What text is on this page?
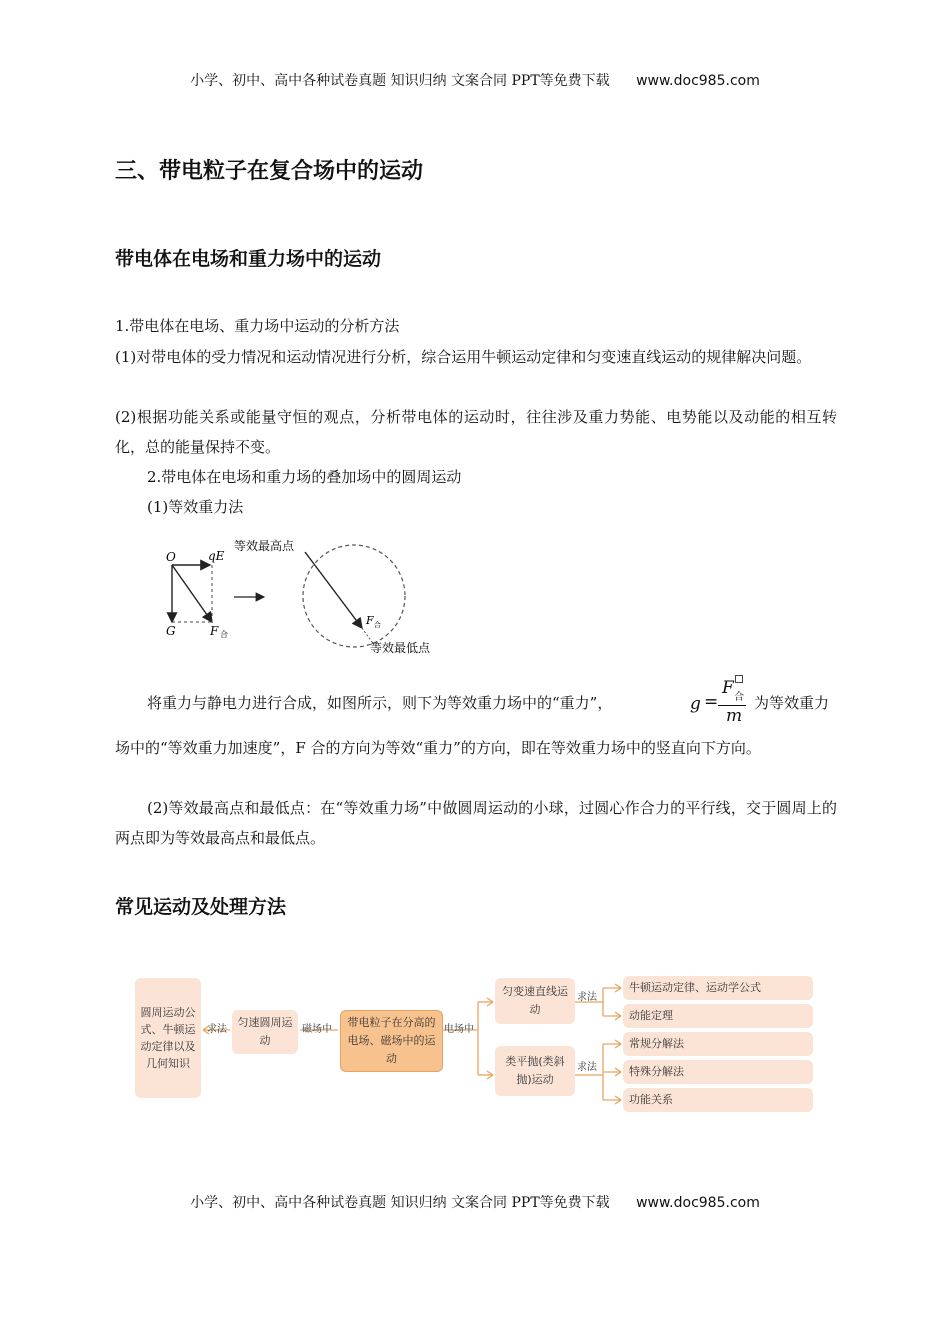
小学、初中、高中各种试卷真题 知识归纳 文案合同 PPT等免费下载 www.doc985.com
三、带电粒子在复合场中的运动
带电体在电场和重力场中的运动

1.带电体在电场、重力场中运动的分析方法

(1)对带电体的受力情况和运动情况进行分析，综合运用牛顿运动定律和匀变速直线运动的规律解决问题。

(2)根据功能关系或能量守恒的观点，分析带电体的运动时，往往涉及重力势能、电势能以及动能的相互转化，总的能量保持不变。

2.带电体在电场和重力场的叠加场中的圆周运动

(1)等效重力法

O	qE
G	F 合
等效最高点
F 合
等效最低点

将重力与静电力进行合成，如图所示，则下为等效重力场中的“重力”，	g =
F 合
m

为等效重力

场中的“等效重力加速度”，F 合的方向为等效“重力”的方向，即在等效重力场中的竖直向下方向。

(2)等效最高点和最低点：在“等效重力场”中做圆周运动的小球，过圆心作合力的平行线，交于圆周上的两点即为等效最高点和最低点。

常见运动及处理方法
圆周运动公式、牛顿运动定律以及几何知识
求法
匀速圆周运动
磁场中
带电粒子在分高的电场、磁场中的运动
电场中
匀变速直线运动
求法
牛顿运动定律、运动学公式
动能定理
类平抛(类斜抛)运动
求法
常规分解法
特殊分解法
功能关系
小学、初中、高中各种试卷真题 知识归纳 文案合同 PPT等免费下载 www.doc985.com
